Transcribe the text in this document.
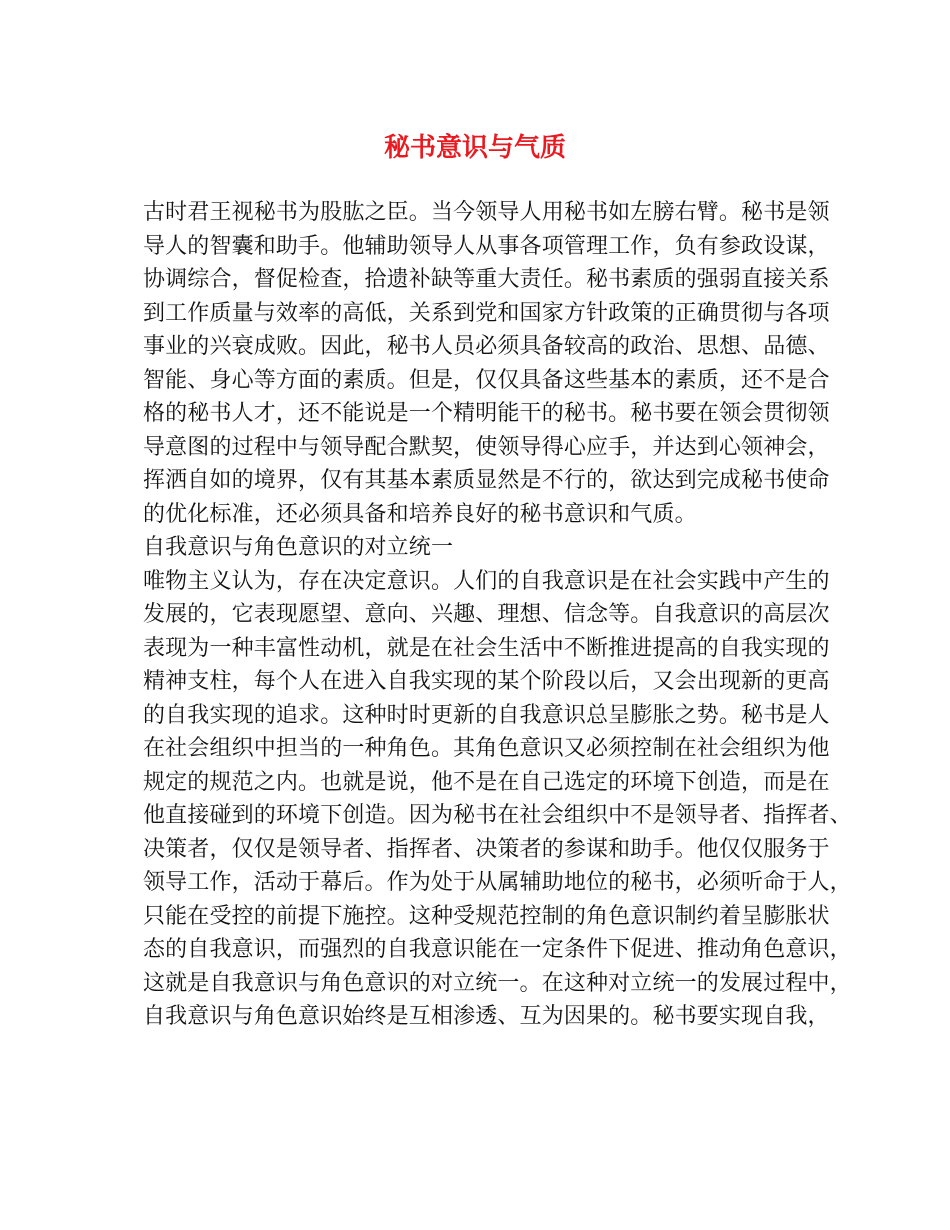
秘书意识与气质
古时君王视秘书为股肱之臣。当今领导人用秘书如左膀右臂。秘书是领
导人的智囊和助手。他辅助领导人从事各项管理工作，负有参政设谋，
协调综合，督促检查，拾遗补缺等重大责任。秘书素质的强弱直接关系
到工作质量与效率的高低，关系到党和国家方针政策的正确贯彻与各项
事业的兴衰成败。因此，秘书人员必须具备较高的政治、思想、品德、
智能、身心等方面的素质。但是，仅仅具备这些基本的素质，还不是合
格的秘书人才，还不能说是一个精明能干的秘书。秘书要在领会贯彻领
导意图的过程中与领导配合默契，使领导得心应手，并达到心领神会，
挥洒自如的境界，仅有其基本素质显然是不行的，欲达到完成秘书使命
的优化标准，还必须具备和培养良好的秘书意识和气质。
自我意识与角色意识的对立统一
唯物主义认为，存在决定意识。人们的自我意识是在社会实践中产生的
发展的，它表现愿望、意向、兴趣、理想、信念等。自我意识的高层次
表现为一种丰富性动机，就是在社会生活中不断推进提高的自我实现的
精神支柱，每个人在进入自我实现的某个阶段以后，又会出现新的更高
的自我实现的追求。这种时时更新的自我意识总呈膨胀之势。秘书是人
在社会组织中担当的一种角色。其角色意识又必须控制在社会组织为他
规定的规范之内。也就是说，他不是在自己选定的环境下创造，而是在
他直接碰到的环境下创造。因为秘书在社会组织中不是领导者、指挥者、
决策者，仅仅是领导者、指挥者、决策者的参谋和助手。他仅仅服务于
领导工作，活动于幕后。作为处于从属辅助地位的秘书，必须听命于人，
只能在受控的前提下施控。这种受规范控制的角色意识制约着呈膨胀状
态的自我意识，而强烈的自我意识能在一定条件下促进、推动角色意识，
这就是自我意识与角色意识的对立统一。在这种对立统一的发展过程中，
自我意识与角色意识始终是互相渗透、互为因果的。秘书要实现自我，
